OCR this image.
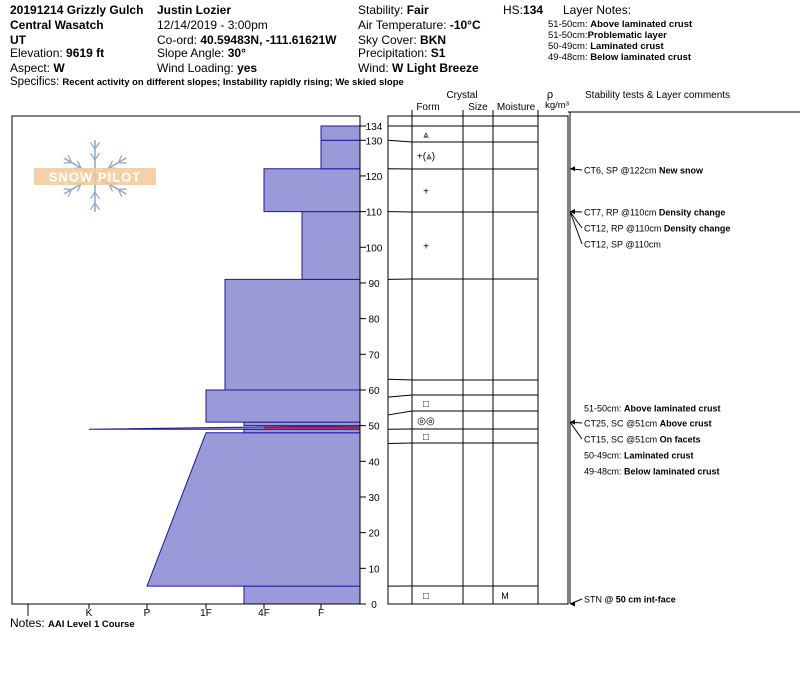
20191214 Grizzly Gulch
Central Wasatch
UT
Elevation: 9619 ft
Aspect: W
Justin Lozier
12/14/2019 - 3:00pm
Co-ord: 40.59483N, -111.61621W
Slope Angle: 30°
Wind Loading: yes
Stability: Fair
Air Temperature: -10°C
Sky Cover: BKN
Precipitation: S1
Wind: W Light Breeze
HS:134 Layer Notes:
51-50cm: Above laminated crust
51-50cm:Problematic layer
50-49cm: Laminated crust
49-48cm: Below laminated crust
Specifics: Recent activity on different slopes; Instability rapidly rising; We skied slope
SNOW PILOT
0
10
20
30
40
50
60
70
80
90
100
110
120
130
134
I	K	P	1F	4F	F
⩓
+(⩓)
+
+
□
◎◎
□
□	M
CT6, SP @122cm New snow
CT7, RP @110cm Density change
CT12, RP @110cm Density change
CT12, SP @110cm
51-50cm: Above laminated crust
CT25, SC @51cm Above crust
CT15, SC @51cm On facets
50-49cm: Laminated crust
49-48cm: Below laminated crust
STN @ 50 cm int-face
Crystal
Form	Size Moisture
ρ
kg/m³
Stability tests & Layer comments
Notes: AAI Level 1 Course
